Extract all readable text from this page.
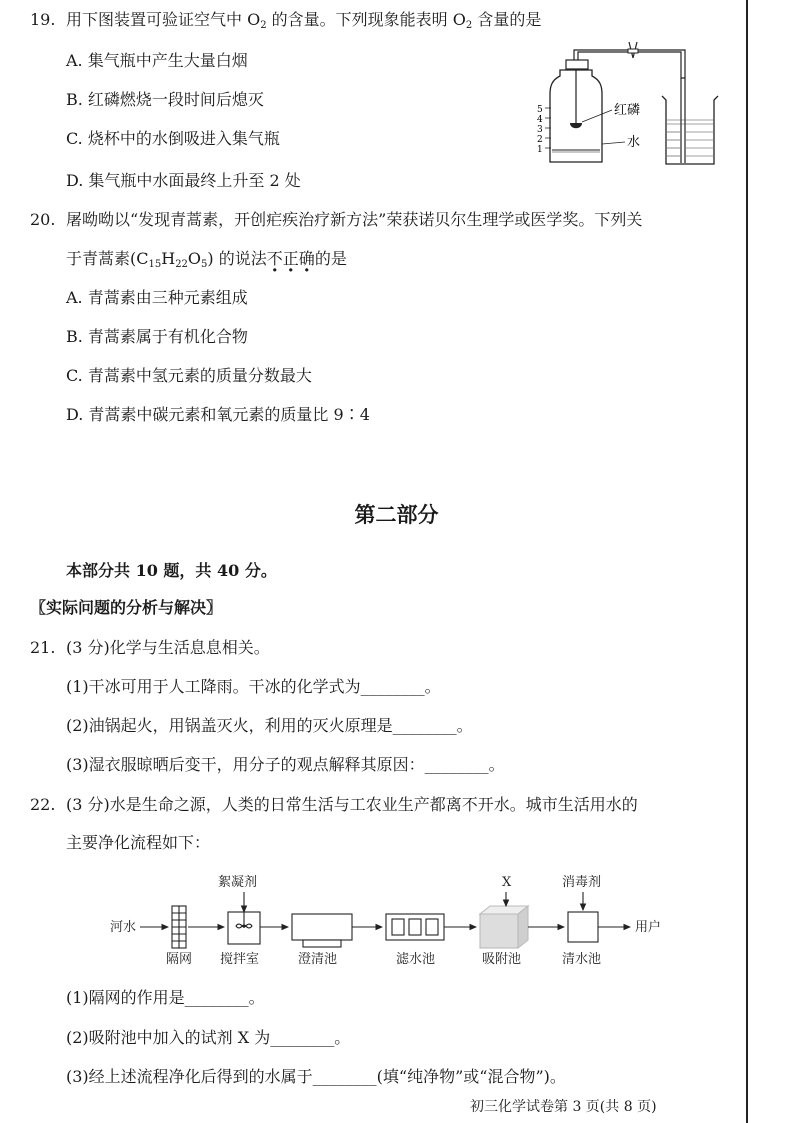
19. 用下图装置可验证空气中 $O_2$ 的含量。下列现象能表明 $O_2$ 含量的是
A. 集气瓶中产生大量白烟
B. 红磷燃烧一段时间后熄灭
C. 烧杯中的水倒吸进入集气瓶
D. 集气瓶中水面最终上升至 2 处
5
4
3
2
1
红磷
水
20. 屠呦呦以“发现青蒿素，开创疟疾治疗新方法”荣获诺贝尔生理学或医学奖。下列关
于青蒿素$(C_{15}H_{22}O_5)$ 的说法不正确的是
A. 青蒿素由三种元素组成
B. 青蒿素属于有机化合物
C. 青蒿素中氢元素的质量分数最大
D. 青蒿素中碳元素和氧元素的质量比 9∶4
第二部分
本部分共 10 题，共 40 分。
〖实际问题的分析与解决〗
21. (3 分)化学与生活息息相关。
(1)干冰可用于人工降雨。干冰的化学式为________。
(2)油锅起火，用锅盖灭火，利用的灭火原理是________。
(3)湿衣服晾晒后变干，用分子的观点解释其原因：________。
22. (3 分)水是生命之源，人类的日常生活与工农业生产都离不开水。城市生活用水的
主要净化流程如下：
河水
絮凝剂	X	消毒剂
隔网 搅拌室	澄清池	滤水池	吸附池	清水池
用户
(1)隔网的作用是________。
(2)吸附池中加入的试剂 X 为________。
(3)经上述流程净化后得到的水属于________(填“纯净物”或“混合物”)。
初三化学试卷第 3 页(共 8 页)
